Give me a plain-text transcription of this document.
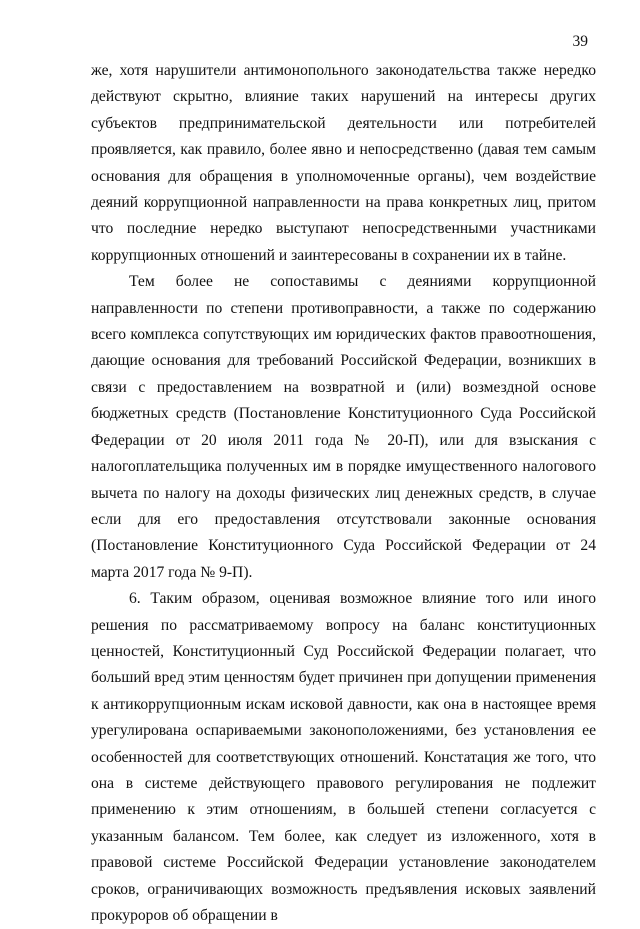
39

же, хотя нарушители антимонопольного законодательства также нередко действуют скрытно, влияние таких нарушений на интересы других субъектов предпринимательской деятельности или потребителей проявляется, как правило, более явно и непосредственно (давая тем самым основания для обращения в уполномоченные органы), чем воздействие деяний коррупционной направленности на права конкретных лиц, притом что последние нередко выступают непосредственными участниками коррупционных отношений и заинтересованы в сохранении их в тайне.

Тем более не сопоставимы с деяниями коррупционной направленности по степени противоправности, а также по содержанию всего комплекса сопутствующих им юридических фактов правоотношения, дающие основания для требований Российской Федерации, возникших в связи с предоставлением на возвратной и (или) возмездной основе бюджетных средств (Постановление Конституционного Суда Российской Федерации от 20 июля 2011 года № 20-П), или для взыскания с налогоплательщика полученных им в порядке имущественного налогового вычета по налогу на доходы физических лиц денежных средств, в случае если для его предоставления отсутствовали законные основания (Постановление Конституционного Суда Российской Федерации от 24 марта 2017 года № 9-П).

6. Таким образом, оценивая возможное влияние того или иного решения по рассматриваемому вопросу на баланс конституционных ценностей, Конституционный Суд Российской Федерации полагает, что больший вред этим ценностям будет причинен при допущении применения к антикоррупционным искам исковой давности, как она в настоящее время урегулирована оспариваемыми законоположениями, без установления ее особенностей для соответствующих отношений. Констатация же того, что она в системе действующего правового регулирования не подлежит применению к этим отношениям, в большей степени согласуется с указанным балансом. Тем более, как следует из изложенного, хотя в правовой системе Российской Федерации установление законодателем сроков, ограничивающих возможность предъявления исковых заявлений прокуроров об обращении в
